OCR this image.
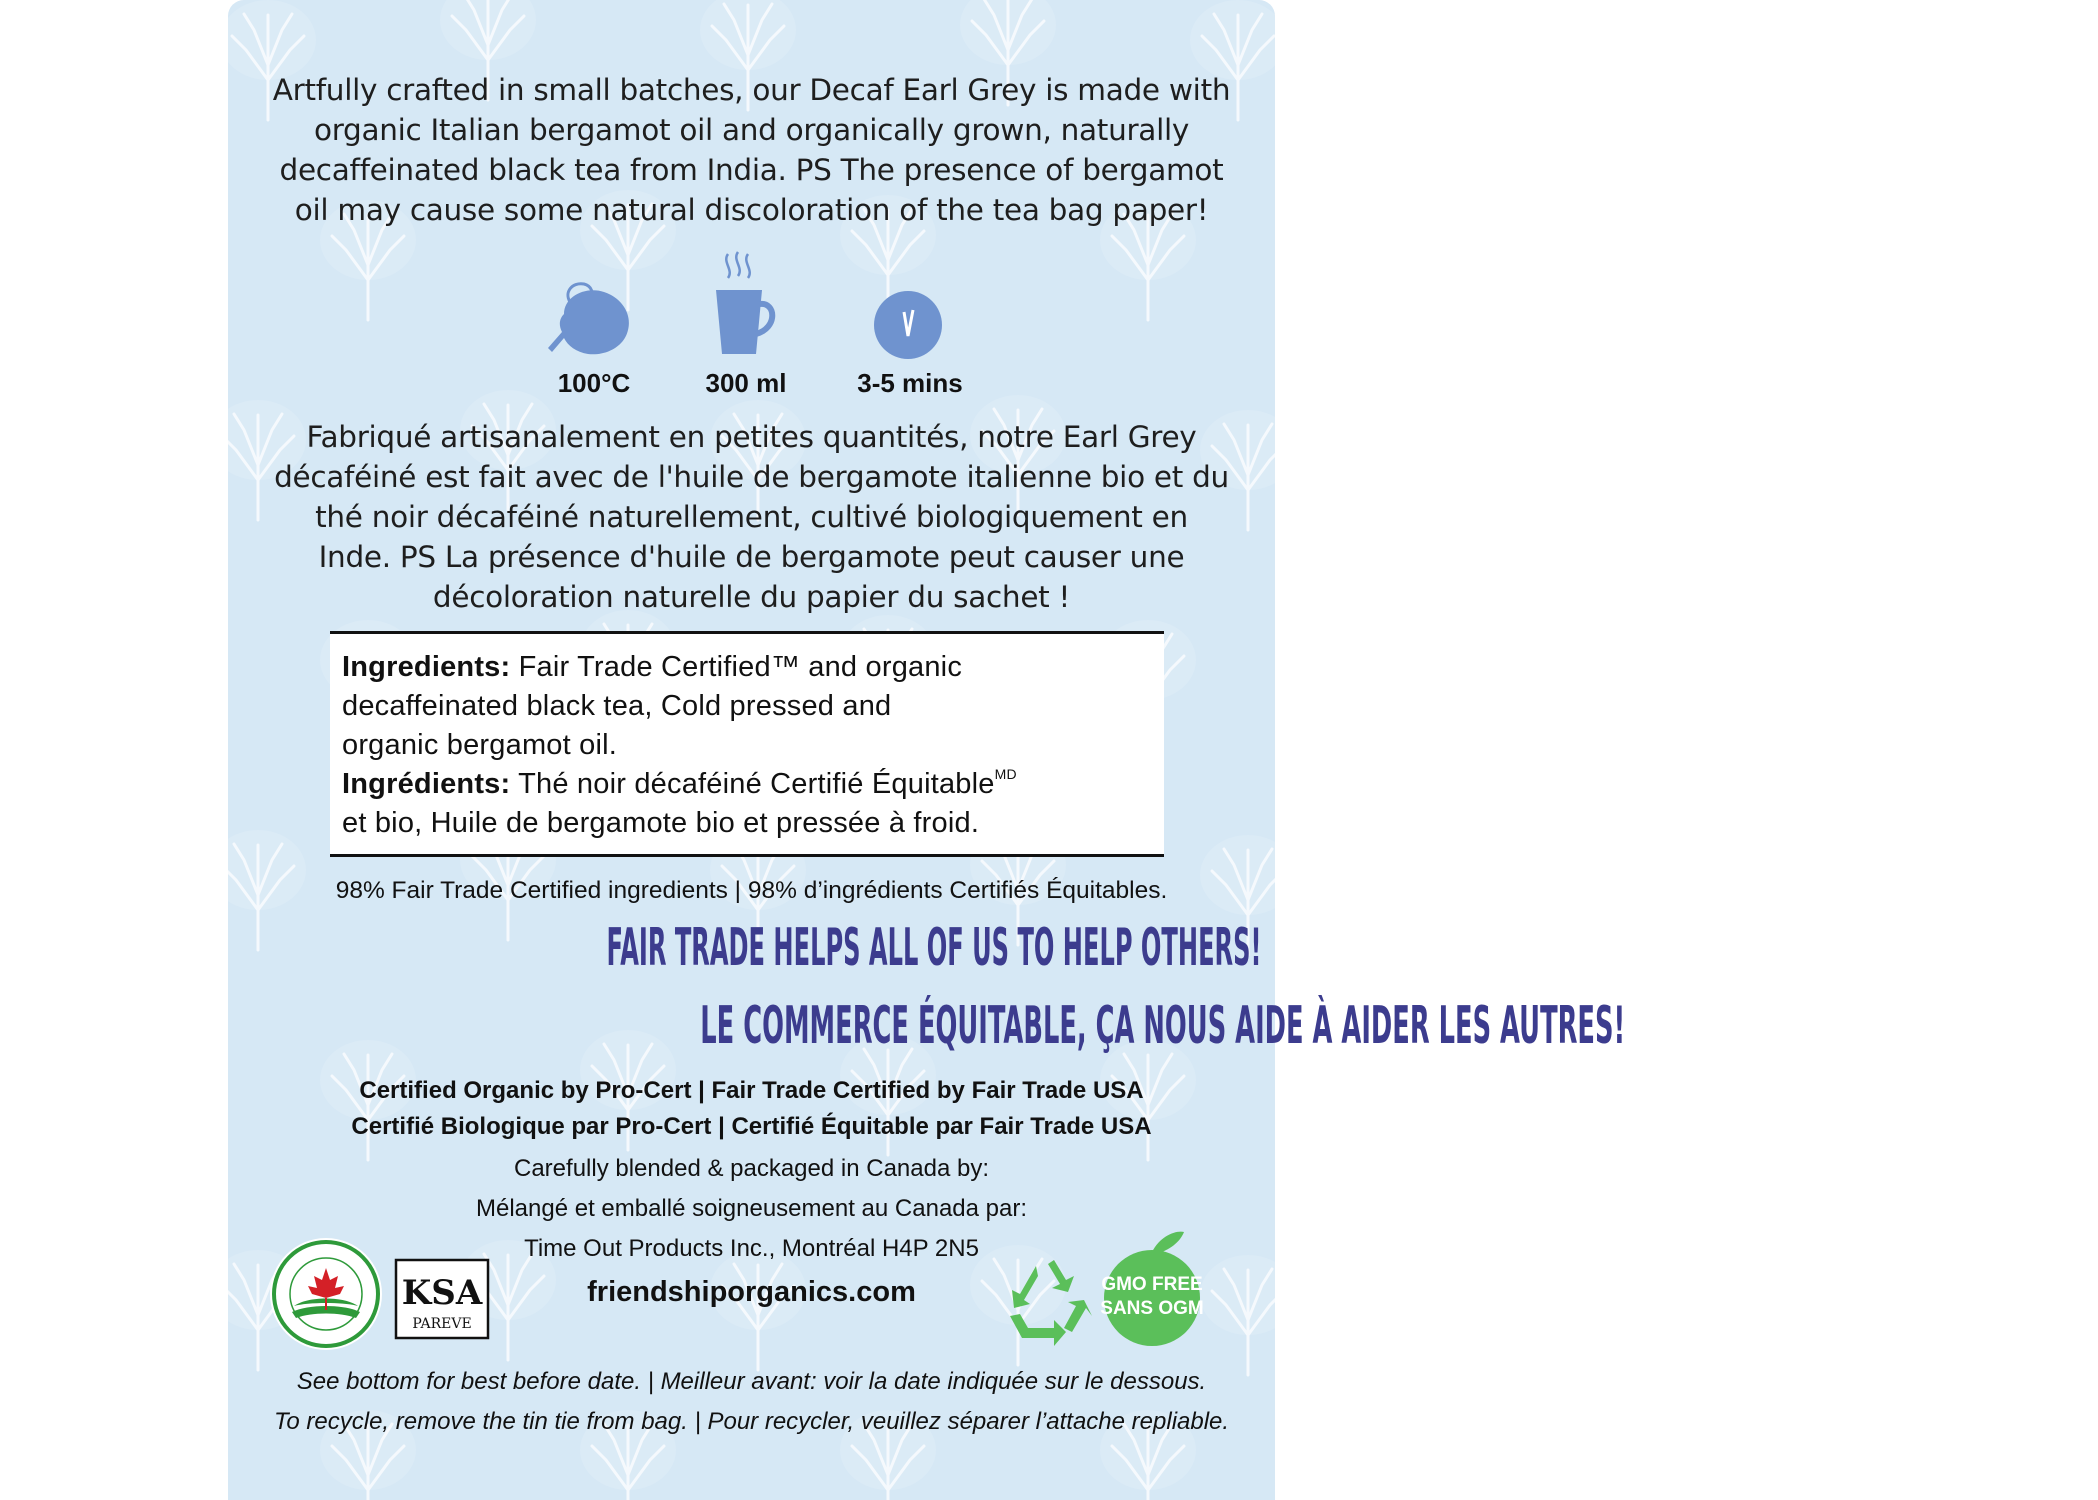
Artfully crafted in small batches, our Decaf Earl Grey is made with
organic Italian bergamot oil and organically grown, naturally
decaffeinated black tea from India. PS The presence of bergamot
oil may cause some natural discoloration of the tea bag paper!
100°C	300 ml	3-5 mins
Fabriqué artisanalement en petites quantités, notre Earl Grey
décaféiné est fait avec de l'huile de bergamote italienne bio et du
thé noir décaféiné naturellement, cultivé biologiquement en
Inde. PS La présence d'huile de bergamote peut causer une
décoloration naturelle du papier du sachet !
Ingredients: Fair Trade Certified™ and organic
decaffeinated black tea, Cold pressed and
organic bergamot oil.
Ingrédients: Thé noir décaféiné Certifié Équitable$^{MD}$
et bio, Huile de bergamote bio et pressée à froid.
98% Fair Trade Certified ingredients | 98% d’ingrédients Certifiés Équitables.
FAIR TRADE HELPS ALL OF US TO HELP OTHERS!
LE COMMERCE ÉQUITABLE, ÇA NOUS AIDE À AIDER LES AUTRES!
Certified Organic by Pro-Cert | Fair Trade Certified by Fair Trade USA
Certifié Biologique par Pro-Cert | Certifié Équitable par Fair Trade USA
Carefully blended & packaged in Canada by:
Mélangé et emballé soigneusement au Canada par:
Time Out Products Inc., Montréal H4P 2N5
friendshiporganics.com
KSA
PAREVE
GMO FREE
SANS OGM
See bottom for best before date. | Meilleur avant: voir la date indiquée sur le dessous.
To recycle, remove the tin tie from bag. | Pour recycler, veuillez séparer l’attache repliable.
